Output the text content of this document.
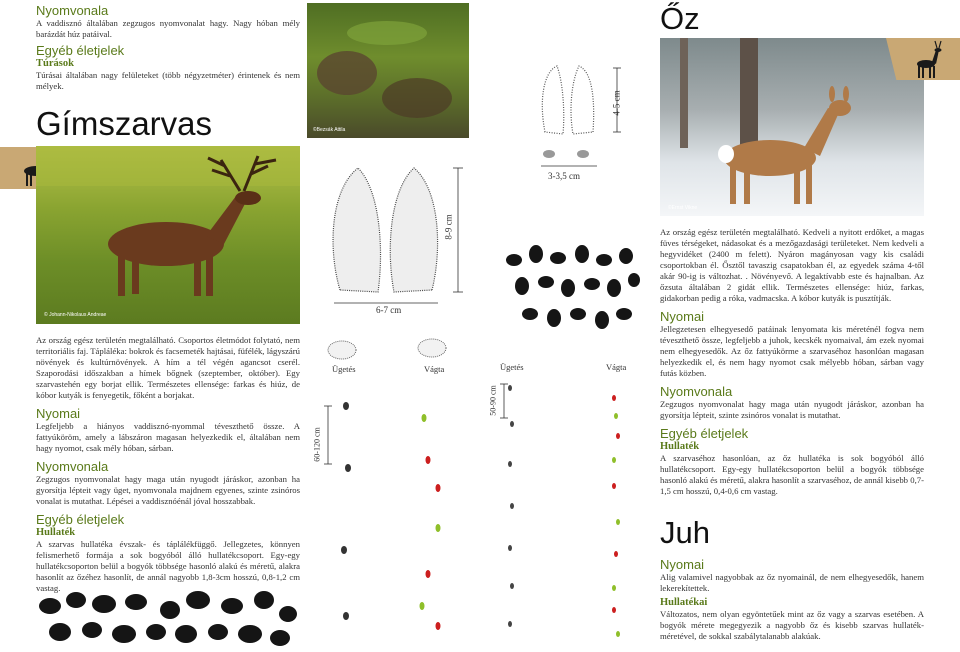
Nyomvonala

A vaddisznó általában zegzugos nyomvonalat hagy. Nagy hóban mély barázdát húz patáival.

Egyéb életjelek
Túrások

Túrásai általában nagy felületeket (több négyzetméter) érintenek és nem mélyek.

Gímszarvas
© Johann-Nikolaus Andreae

Az ország egész területén megtalálható. Csoportos életmódot folytató, nem territoriális faj. Tápláléka: bokrok és facsemeték hajtásai, füfélék, lágyszárú növények és kultúrnövények. A hím a tél végén agancsot cserél. Szaporodási időszakban a hímek bőgnek (szeptember, október). Egy szarvastehén egy borjat ellik. Természetes ellensége: farkas és hiúz, de kóbor kutyák is fenyegetik, főként a borjakat.

Nyomai

Legfeljebb a hiányos vaddisznó-nyommal téveszthető össze. A fattyúköröm, amely a lábszáron magasan helyezkedik el, általában nem hagy nyomot, csak mély hóban, sárban.

Nyomvonala

Zegzugos nyomvonalat hagy maga után nyugodt járáskor, azonban ha gyorsítja lépteit vagy üget, nyomvonala majdnem egyenes, szinte zsinóros vonalat is mutathat. Lépései a vaddisznóénál jóval hosszabbak.

Egyéb életjelek
Hullaték

A szarvas hullatéka évszak- és táplálékfüggő. Jellegzetes, könnyen felismerhető formája a sok bogyóból álló hullatékcsoport. Egy-egy hullatékcsoporton belül a bogyók többsége hasonló alakú és méretű, alakra hasonlít az őzéhez hasonlít, de annál nagyobb 1,8-3cm hosszú, 0,8-1,2 cm vastag.

©Bezsák Attila
4-5 cm
3-3,5 cm
8-9 cm
6-7 cm
Ügetés	Vágta
60-120 cm
Ügetés	Vágta
50-90 cm
Őz
©Ernst Vikne

Az ország egész területén megtalálható. Kedveli a nyitott erdőket, a magas füves térségeket, nádasokat és a mezőgazdasági területeket. Nem kedveli a hegyvidéket (2400 m felett). Nyáron magányosan vagy kis családi csoportokban él. Ősztől tavaszig csapatokban él, az egyedek száma 4-től akár 90-ig is változhat. . Növényevő. A legaktívabb este és hajnalban. Az őzsuta általában 2 gidát ellik. Természetes ellensége: hiúz, farkas, gidakorban pedig a róka, vadmacska. A kóbor kutyák is pusztítják.

Nyomai

Jellegzetesen elhegyesedő patáinak lenyomata kis méreténél fogva nem téveszthető össze, legfeljebb a juhok, kecskék nyomaival, ám ezek nyomai nem elhegyesedők. Az őz fattyúkörme a szarvaséhoz hasonlóan magasan helyezkedik el, és nem hagy nyomot csak mélyebb hóban, sárban vagy futás közben.

Nyomvonala

Zegzugos nyomvonalat hagy maga után nyugodt járáskor, azonban ha gyorsítja lépteit, szinte zsinóros vonalat is mutathat.

Egyéb életjelek
Hullaték

A szarvaséhoz hasonlóan, az őz hullatéka is sok bogyóból álló hullatékcsoport. Egy-egy hullatékcsoporton belül a bogyók többsége hasonló alakú és méretű, alakra hasonlít a szarvaséhoz, de annál kisebb 0,7-1,5 cm hosszú, 0,4-0,6 cm vastag.

Juh
Nyomai

Alig valamivel nagyobbak az őz nyomainál, de nem elhegyesedők, hanem lekerekítettek.

Hullatékai

Változatos, nem olyan egyöntetűek mint az őz vagy a szarvas esetében. A bogyók mérete megegyezik a nagyobb őz és kisebb szarvas hullaték-méretével, de sokkal szabálytalanabb alakúak.
